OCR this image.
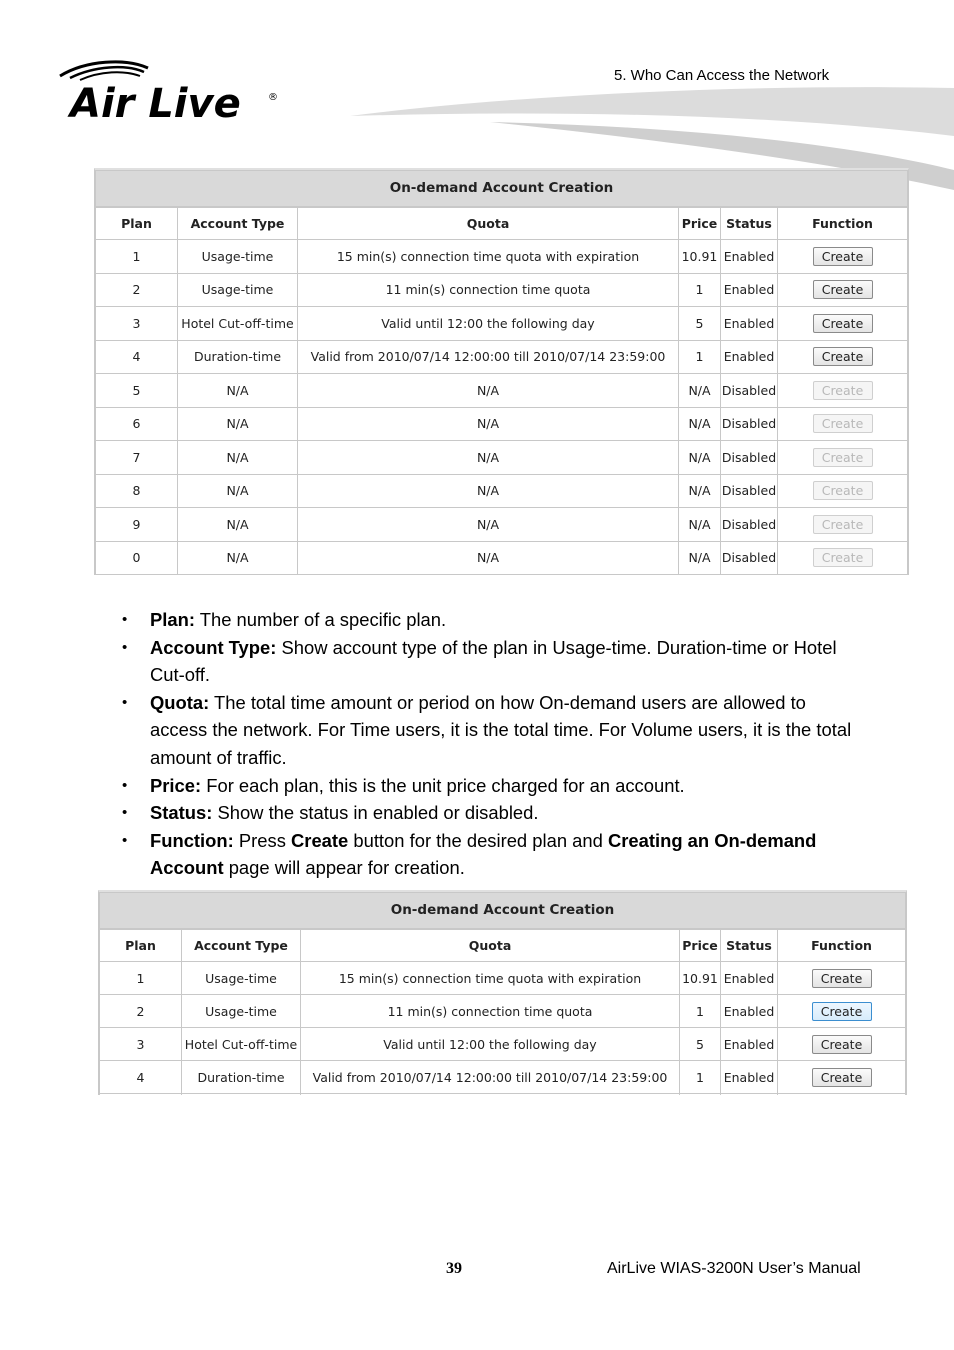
Air Live	®
5. Who Can Access the Network
On-demand Account Creation					
Plan	Account Type	Quota	Price	Status	Function
1	Usage-time	15 min(s) connection time quota with expiration	10.91	Enabled	Create
2	Usage-time	11 min(s) connection time quota	1	Enabled	Create
3	Hotel Cut-off-time	Valid until 12:00 the following day	5	Enabled	Create
4	Duration-time	Valid from 2010/07/14 12:00:00 till 2010/07/14 23:59:00	1	Enabled	Create
5	N/A	N/A	N/A	Disabled	Create
6	N/A	N/A	N/A	Disabled	Create
7	N/A	N/A	N/A	Disabled	Create
8	N/A	N/A	N/A	Disabled	Create
9	N/A	N/A	N/A	Disabled	Create
0	N/A	N/A	N/A	Disabled	Create
• Plan: The number of a specific plan.
• Account Type: Show account type of the plan in Usage-time. Duration-time or Hotel Cut-off.
• Quota: The total time amount or period on how On-demand users are allowed to access the network. For Time users, it is the total time. For Volume users, it is the total amount of traffic.
• Price: For each plan, this is the unit price charged for an account.
• Status: Show the status in enabled or disabled.
• Function: Press Create button for the desired plan and Creating an On-demand Account page will appear for creation.
On-demand Account Creation					
Plan	Account Type	Quota	Price	Status	Function
1	Usage-time	15 min(s) connection time quota with expiration	10.91	Enabled	Create
2	Usage-time	11 min(s) connection time quota	1	Enabled	Create
3	Hotel Cut-off-time	Valid until 12:00 the following day	5	Enabled	Create
4	Duration-time	Valid from 2010/07/14 12:00:00 till 2010/07/14 23:59:00	1	Enabled	Create

39	AirLive WIAS-3200N User’s Manual
